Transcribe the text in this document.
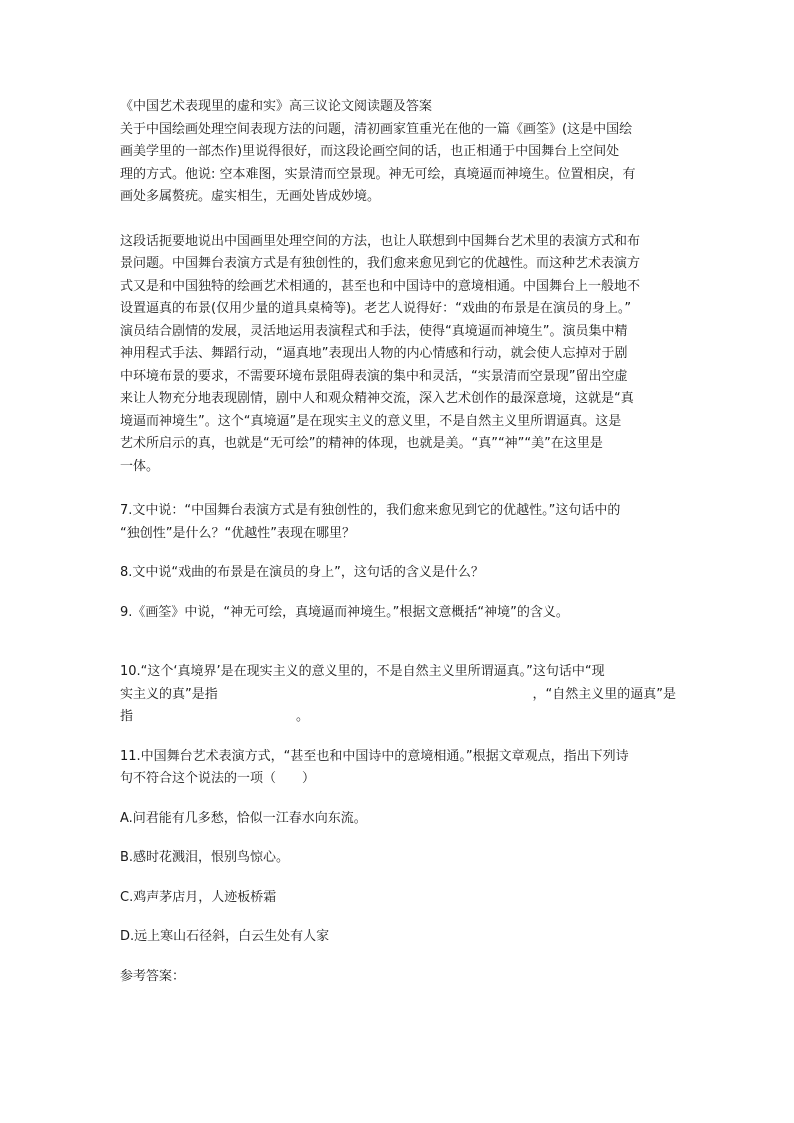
《中国艺术表现里的虚和实》高三议论文阅读题及答案
关于中国绘画处理空间表现方法的问题，清初画家笪重光在他的一篇《画筌》(这是中国绘
画美学里的一部杰作)里说得很好，而这段论画空间的话，也正相通于中国舞台上空间处
理的方式。他说: 空本难图，实景清而空景现。神无可绘，真境逼而神境生。位置相戾，有
画处多属赘疣。虚实相生，无画处皆成妙境。
这段话扼要地说出中国画里处理空间的方法，也让人联想到中国舞台艺术里的表演方式和布
景问题。中国舞台表演方式是有独创性的，我们愈来愈见到它的优越性。而这种艺术表演方
式又是和中国独特的绘画艺术相通的，甚至也和中国诗中的意境相通。中国舞台上一般地不
设置逼真的布景(仅用少量的道具桌椅等)。老艺人说得好：“戏曲的布景是在演员的身上。”
演员结合剧情的发展，灵活地运用表演程式和手法，使得“真境逼而神境生”。演员集中精
神用程式手法、舞蹈行动，“逼真地”表现出人物的内心情感和行动，就会使人忘掉对于剧
中环境布景的要求，不需要环境布景阻碍表演的集中和灵活，“实景清而空景现”留出空虚
来让人物充分地表现剧情，剧中人和观众精神交流，深入艺术创作的最深意境，这就是“真
境逼而神境生”。这个“真境逼”是在现实主义的意义里，不是自然主义里所谓逼真。这是
艺术所启示的真，也就是“无可绘”的精神的体现，也就是美。“真”“神”“美”在这里是
一体。
7.文中说：“中国舞台表演方式是有独创性的，我们愈来愈见到它的优越性。”这句话中的
“独创性”是什么？“优越性”表现在哪里？
8.文中说“戏曲的布景是在演员的身上”，这句话的含义是什么？
9.《画筌》中说，“神无可绘，真境逼而神境生。”根据文意概括“神境”的含义。
10.“这个‘真境界’是在现实主义的意义里的，不是自然主义里所谓逼真。”这句话中“现
实主义的真”是指	，“自然主义里的逼真”是
指	。
11.中国舞台艺术表演方式，“甚至也和中国诗中的意境相通。”根据文章观点，指出下列诗
句不符合这个说法的一项（　　）
A.问君能有几多愁，恰似一江春水向东流。
B.感时花溅泪，恨别鸟惊心。
C.鸡声茅店月，人迹板桥霜
D.远上寒山石径斜，白云生处有人家
参考答案：
